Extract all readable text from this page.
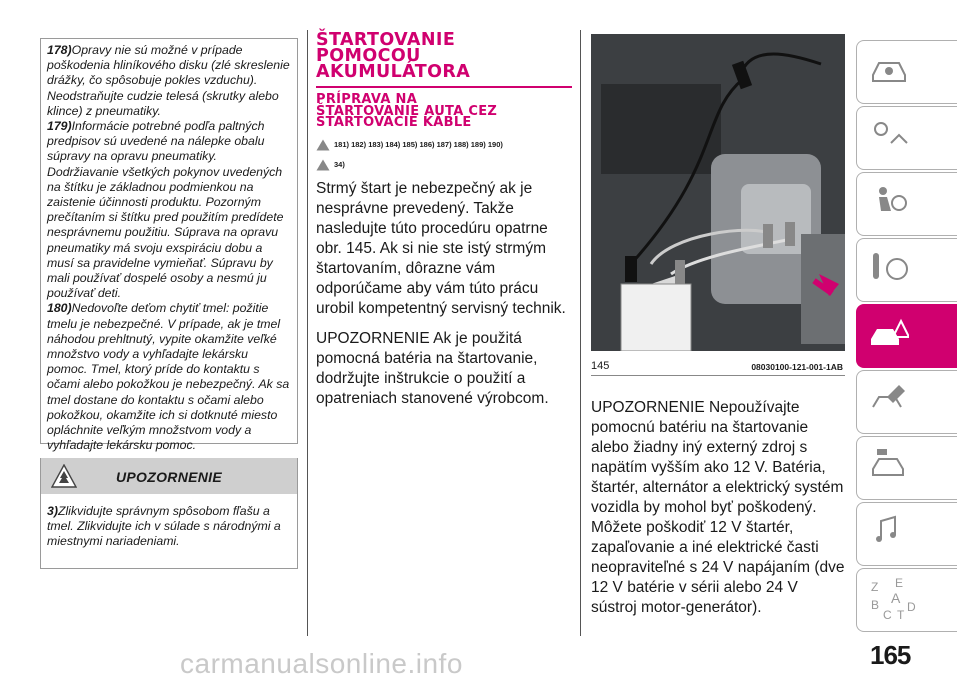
178)Opravy nie sú možné v prípade poškodenia hliníkového disku (zlé skreslenie drážky, čo spôsobuje pokles vzduchu). Neodstraňujte cudzie telesá (skrutky alebo klince) z pneumatiky.

179)Informácie potrebné podľa paltných predpisov sú uvedené na nálepke obalu súpravy na opravu pneumatiky. Dodržiavanie všetkých pokynov uvedených na štítku je základnou podmienkou na zaistenie účinnosti produktu. Pozorným prečítaním si štítku pred použitím predídete nesprávnemu použitiu. Súprava na opravu pneumatiky má svoju exspiráciu dobu a musí sa pravidelne vymieňať. Súpravu by mali používať dospelé osoby a nesmú ju používať deti.

180)Nedovoľte deťom chytiť tmel: požitie tmelu je nebezpečné. V prípade, ak je tmel náhodou prehltnutý, vypite okamžite veľké množstvo vody a vyhľadajte lekársku pomoc. Tmel, ktorý príde do kontaktu s očami alebo pokožkou je nebezpečný. Ak sa tmel dostane do kontaktu s očami alebo pokožkou, okamžite ich si dotknuté miesto opláchnite veľkým množstvom vody a vyhľadajte lekársku pomoc.

UPOZORNENIE

3)Zlikvidujte správnym spôsobom fľašu a tmel. Zlikvidujte ich v súlade s národnými a miestnymi nariadeniami.

ŠTARTOVANIE
POMOCOU
AKUMULÁTORA
PRÍPRAVA NA
ŠTARTOVANIE AUTA CEZ
ŠTARTOVACIE KÁBLE
181) 182) 183) 184) 185) 186) 187) 188) 189) 190)
34)

Strmý štart je nebezpečný ak je nesprávne prevedený. Takže nasledujte túto procedúru opatrne obr. 145. Ak si nie ste istý strmým štartovaním, dôrazne vám odporúčame aby vám túto prácu urobil kompetentný servisný technik.

UPOZORNENIE Ak je použitá pomocná batéria na štartovanie, dodržujte inštrukcie o použití a opatreniach stanovené výrobcom.

145	08030100-121-001-1AB

UPOZORNENIE Nepoužívajte pomocnú batériu na štartovanie alebo žiadny iný externý zdroj s napätím vyšším ako 12 V. Batéria, štartér, alternátor a elektrický systém vozidla by mohol byť poškodený. Môžete poškodiť 12 V štartér, zapaľovanie a iné elektrické časti neopraviteľné s 24 V napájaním (dve 12 V batérie v sérii alebo 24 V sústroj motor-generátor).

Z E
A
B
C T
D
165
carmanualsonline.info
